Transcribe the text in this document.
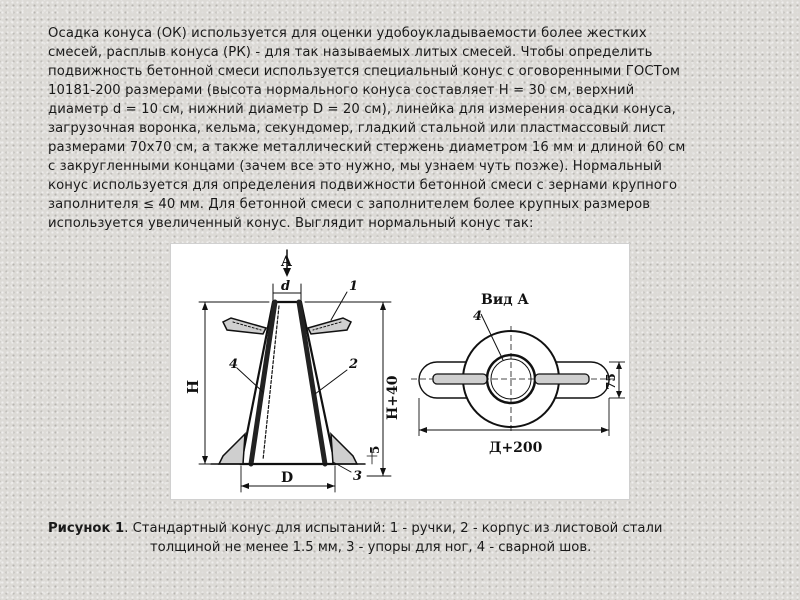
Осадка конуса (ОК) используется для оценки удобоукладываемости более жестких
смесей, расплыв конуса (РК) - для так называемых литых смесей. Чтобы определить
подвижность бетонной смеси используется специальный конус с оговоренными ГОСТом
10181-200 размерами (высота нормального конуса составляет Н = 30 см, верхний
диаметр d = 10 см, нижний диаметр D = 20 см), линейка для измерения осадки конуса,
загрузочная воронка, кельма, секундомер, гладкий стальной или пластмассовый лист
размерами 70х70 см, а также металлический стержень диаметром 16 мм и длиной 60 см
с закругленными концами (зачем все это нужно, мы узнаем чуть позже). Нормальный
конус используется для определения подвижности бетонной смеси с зернами крупного
заполнителя ≤ 40 мм. Для бетонной смеси с заполнителем более крупных размеров
используется увеличенный конус. Выглядит нормальный конус так:
A
d	1
2
4
3
D
H	H+40
5
Вид А
4
Д+200
75
Рисунок 1. Стандартный конус для испытаний: 1 - ручки, 2 - корпус из листовой стали
толщиной не менее 1.5 мм, 3 - упоры для ног, 4 - сварной шов.
